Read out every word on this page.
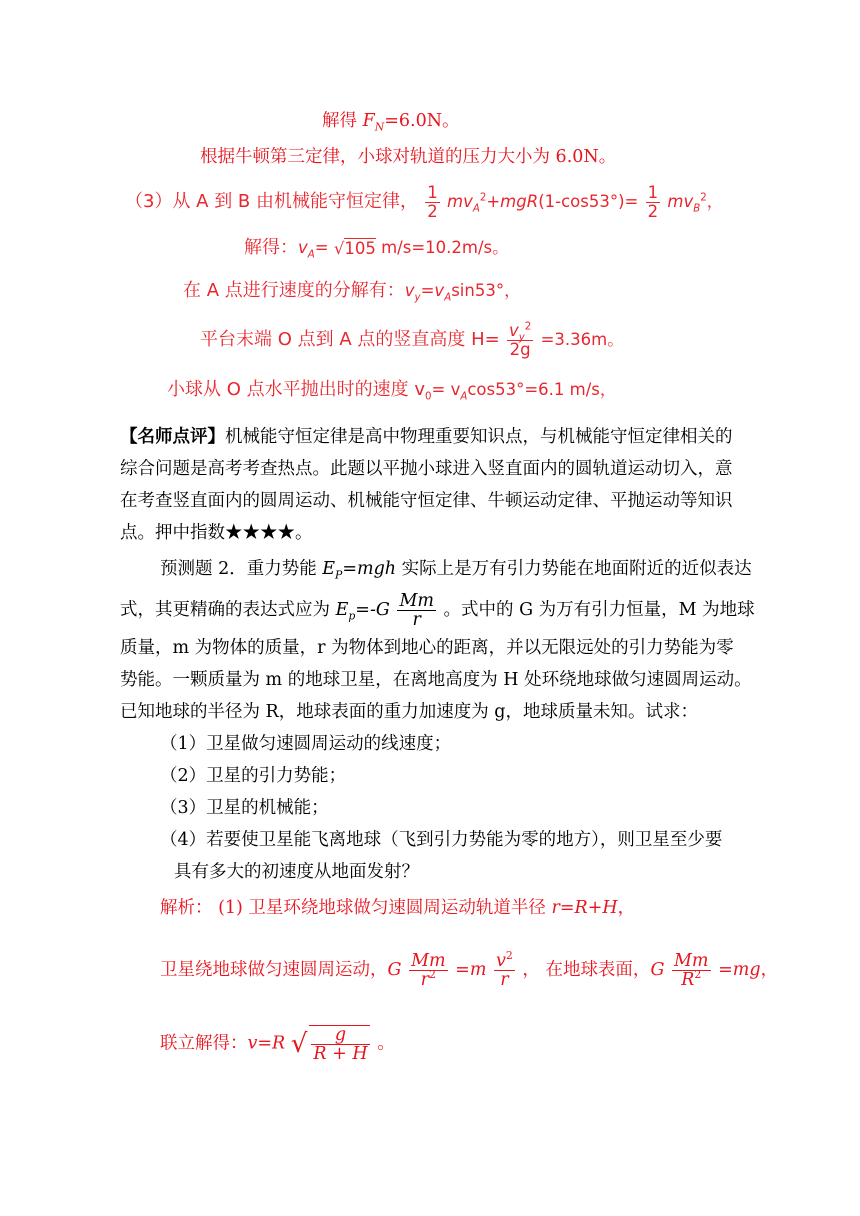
解得 $F_N=6.0N$。
根据牛顿第三定律，小球对轨道的压力大小为 6.0N。
（3）从 A 到 B 由机械能守恒定律， $\frac{1}{2} mv_A^2+mgR(1-\cos 53^\circ)= \frac{1}{2} mv_B^2$，
解得：$v_A= √105$ m/s=10.2m/s。
在 A 点进行速度的分解有：$v_y=v_A\sin 53^\circ$，
平台末端 O 点到 A 点的竖直高度 $H= \frac{v_y^2}{2g} =3.36m$。
小球从 O 点水平抛出时的速度 $v_0= v_A\cos 53^\circ=6.1$ m/s，
【名师点评】机械能守恒定律是高中物理重要知识点，与机械能守恒定律相关的
综合问题是高考考查热点。此题以平抛小球进入竖直面内的圆轨道运动切入，意
在考查竖直面内的圆周运动、机械能守恒定律、牛顿运动定律、平抛运动等知识
点。押中指数★★★★。
预测题 2．重力势能 $E_P=mgh$ 实际上是万有引力势能在地面附近的近似表达
式，其更精确的表达式应为 $E_p=-G \frac{Mm}{r}$ 。式中的 G 为万有引力恒量，M 为地球
质量，m 为物体的质量，r 为物体到地心的距离，并以无限远处的引力势能为零
势能。一颗质量为 m 的地球卫星，在离地高度为 H 处环绕地球做匀速圆周运动。
已知地球的半径为 R，地球表面的重力加速度为 g，地球质量未知。试求：
（1）卫星做匀速圆周运动的线速度；
（2）卫星的引力势能；
（3）卫星的机械能；
（4）若要使卫星能飞离地球（飞到引力势能为零的地方），则卫星至少要
具有多大的初速度从地面发射？
解析： (1) 卫星环绕地球做匀速圆周运动轨道半径 r=R+H，
卫星绕地球做匀速圆周运动，G $\frac{Mm}{r^2} =m \frac{v^2}{r}$ ， 在地球表面，G $\frac{Mm}{R^2} =mg$，
联立解得：v=R √ $\frac{g}{R + H}$ 。
